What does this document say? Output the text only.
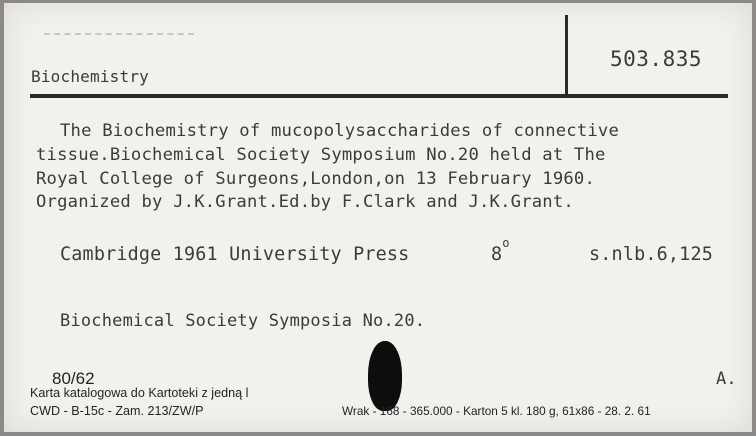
Biochemistry
503.835
The Biochemistry of mucopolysaccharides of connective
tissue.Biochemical Society Symposium No.20 held at The
Royal College of Surgeons,London,on 13 February 1960.
Organized by J.K.Grant.Ed.by F.Clark and J.K.Grant.
Cambridge 1961 University Press	8$^o$
s.nlb.6,125
Biochemical Society Symposia No.20.
80/62	A.
Karta katalogowa do Kartoteki z jedną l
CWD - B-15c - Zam. 213/ZW/P	Wrak - 168 - 365.000 - Karton 5 kl. 180 g, 61x86 - 28. 2. 61
